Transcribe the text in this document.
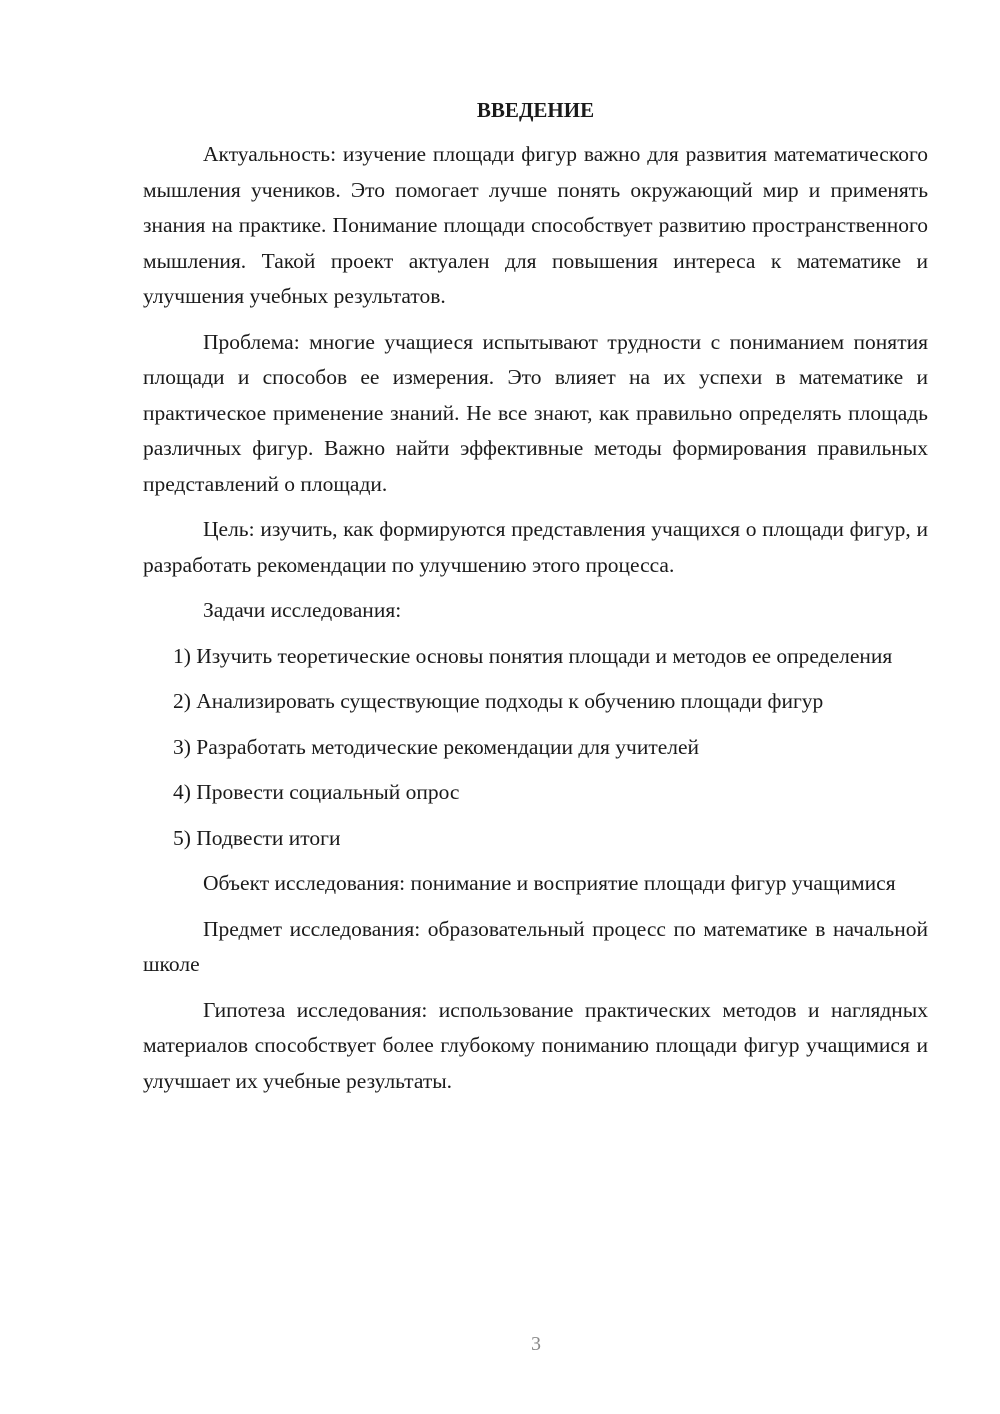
ВВЕДЕНИЕ

Актуальность: изучение площади фигур важно для развития математического мышления учеников. Это помогает лучше понять окружающий мир и применять знания на практике. Понимание площади способствует развитию пространственного мышления. Такой проект актуален для повышения интереса к математике и улучшения учебных результатов.

Проблема: многие учащиеся испытывают трудности с пониманием понятия площади и способов ее измерения. Это влияет на их успехи в математике и практическое применение знаний. Не все знают, как правильно определять площадь различных фигур. Важно найти эффективные методы формирования правильных представлений о площади.

Цель: изучить, как формируются представления учащихся о площади фигур, и разработать рекомендации по улучшению этого процесса.

Задачи исследования:

1) Изучить теоретические основы понятия площади и методов ее определения

2) Анализировать существующие подходы к обучению площади фигур

3) Разработать методические рекомендации для учителей

4) Провести социальный опрос

5) Подвести итоги

Объект исследования: понимание и восприятие площади фигур учащимися

Предмет исследования: образовательный процесс по математике в начальной школе

Гипотеза исследования: использование практических методов и наглядных материалов способствует более глубокому пониманию площади фигур учащимися и улучшает их учебные результаты.

3
